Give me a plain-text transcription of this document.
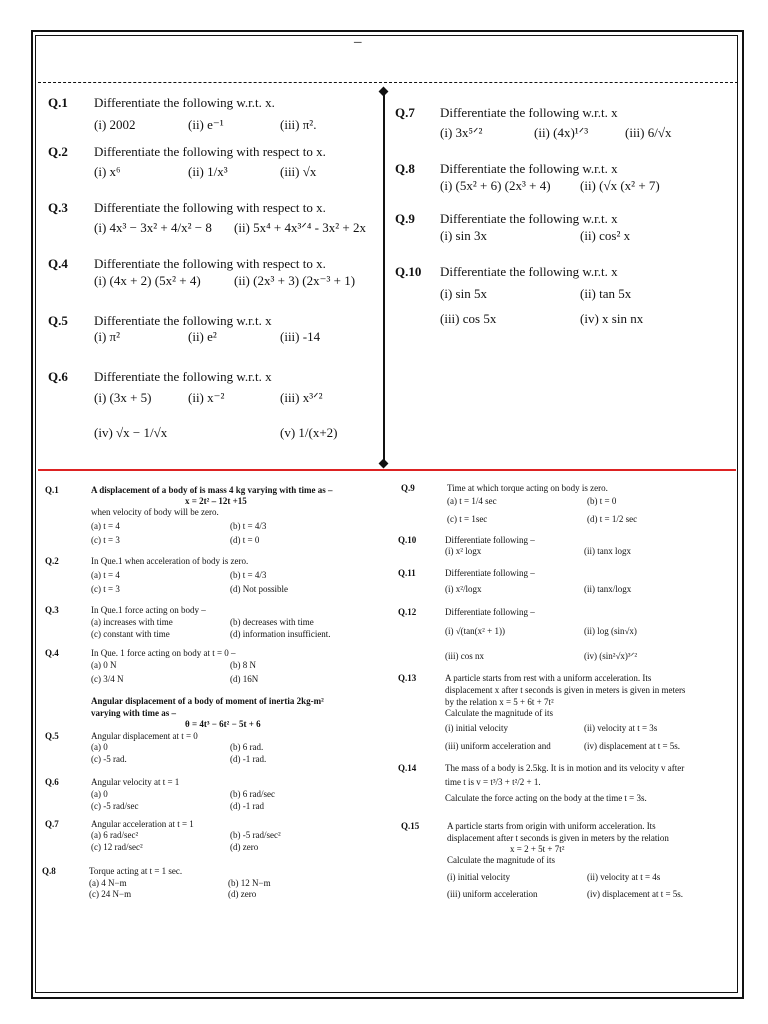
–
Q.1 Differentiate the following w.r.t. x.
(i) 2002	(ii) e⁻¹	(iii) π².
Q.2 Differentiate the following with respect to x.
(i) x⁶	(ii) 1/x³	(iii) √x
Q.3 Differentiate the following with respect to x.
(i) 4x³ − 3x² + 4/x² − 8 (ii) 5x⁴ + 4x³ᐟ⁴ - 3x² + 2x
Q.4 Differentiate the following with respect to x.
(i) (4x + 2) (5x² + 4)	(ii) (2x³ + 3) (2x⁻³ + 1)
Q.5 Differentiate the following w.r.t. x
(i) π²	(ii) e²	(iii) -14
Q.6 Differentiate the following w.r.t. x
(i) (3x + 5)	(ii) x⁻²	(iii) x³ᐟ²
(iv) √x − 1/√x	(v) 1/(x+2)
Q.7 Differentiate the following w.r.t. x
(i) 3x⁵ᐟ²	(ii) (4x)¹ᐟ³	(iii) 6/√x
Q.8 Differentiate the following w.r.t. x
(i) (5x² + 6) (2x³ + 4) (ii) (√x (x² + 7)
Q.9 Differentiate the following w.r.t. x
(i) sin 3x	(ii) cos² x
Q.10 Differentiate the following w.r.t. x
(i) sin 5x	(ii) tan 5x
(iii) cos 5x	(iv) x sin nx
Q.1	A displacement of a body of is mass 4 kg varying with time as –
x = 2t² – 12t +15
when velocity of body will be zero.
(a) t = 4	(b) t = 4/3
(c) t = 3	(d) t = 0
Q.2	In Que.1 when acceleration of body is zero.
(a) t = 4	(b) t = 4/3
(c) t = 3	(d) Not possible
Q.3	In Que.1 force acting on body –
(a) increases with time	(b) decreases with time
(c) constant with time	(d) information insufficient.
Q.4	In Que. 1 force acting on body at t = 0 –
(a) 0 N	(b) 8 N
(c) 3/4 N	(d) 16N
Angular displacement of a body of moment of inertia 2kg-m²
varying with time as –
θ = 4t³ − 6t² − 5t + 6
Q.5	Angular displacement at t = 0
(a) 0	(b) 6 rad.
(c) -5 rad.	(d) -1 rad.
Q.6	Angular velocity at t = 1
(a) 0	(b) 6 rad/sec
(c) -5 rad/sec	(d) -1 rad
Q.7	Angular acceleration at t = 1
(a) 6 rad/sec²	(b) -5 rad/sec²
(c) 12 rad/sec²	(d) zero
Q.8	Torque acting at t = 1 sec.
(a) 4 N−m	(b) 12 N−m
(c) 24 N−m	(d) zero
Q.9	Time at which torque acting on body is zero.
(a) t = 1/4 sec	(b) t = 0
(c) t = 1sec	(d) t = 1/2 sec
Q.10	Differentiate following –
(i) x² logx	(ii) tanx logx
Q.11	Differentiate following –
(i) x²/logx	(ii) tanx/logx
Q.12	Differentiate following –
(i) √(tan(x² + 1))	(ii) log (sin√x)
(iii) cos nx	(iv) (sin²√x)³ᐟ²
Q.13	A particle starts from rest with a uniform acceleration. Its
displacement x after t seconds is given in meters is given in meters
by the relation x = 5 + 6t + 7t²
Calculate the magnitude of its
(i) initial velocity	(ii) velocity at t = 3s
(iii) uniform acceleration and	(iv) displacement at t = 5s.
Q.14	The mass of a body is 2.5kg. It is in motion and its velocity v after
time t is v = t³/3 + t²/2 + 1.
Calculate the force acting on the body at the time t = 3s.
Q.15	A particle starts from origin with uniform acceleration. Its
displacement after t seconds is given in meters by the relation
x = 2 + 5t + 7t²
Calculate the magnitude of its
(i) initial velocity	(ii) velocity at t = 4s
(iii) uniform acceleration	(iv) displacement at t = 5s.
